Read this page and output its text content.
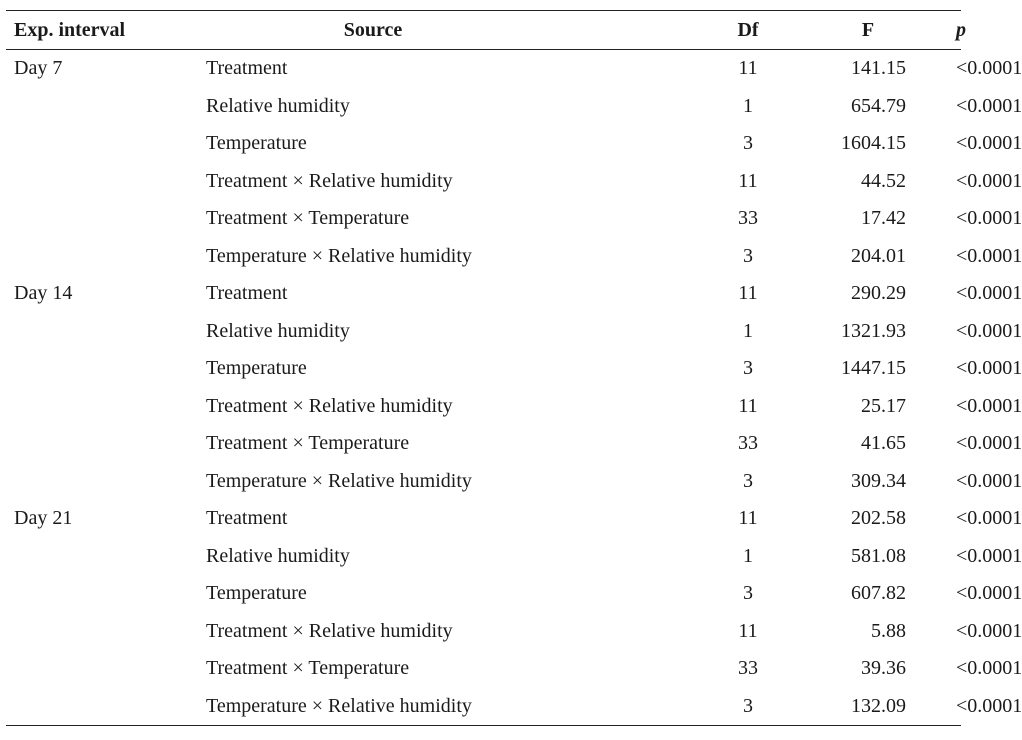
Exp. interval	Source	Df	F	p
Day 7	Treatment	11	141.15	<0.0001
	Relative humidity	1	654.79	<0.0001
	Temperature	3	1604.15	<0.0001
	Treatment × Relative humidity	11	44.52	<0.0001
	Treatment × Temperature	33	17.42	<0.0001
	Temperature × Relative humidity	3	204.01	<0.0001
Day 14	Treatment	11	290.29	<0.0001
	Relative humidity	1	1321.93	<0.0001
	Temperature	3	1447.15	<0.0001
	Treatment × Relative humidity	11	25.17	<0.0001
	Treatment × Temperature	33	41.65	<0.0001
	Temperature × Relative humidity	3	309.34	<0.0001
Day 21	Treatment	11	202.58	<0.0001
	Relative humidity	1	581.08	<0.0001
	Temperature	3	607.82	<0.0001
	Treatment × Relative humidity	11	5.88	<0.0001
	Treatment × Temperature	33	39.36	<0.0001
	Temperature × Relative humidity	3	132.09	<0.0001
